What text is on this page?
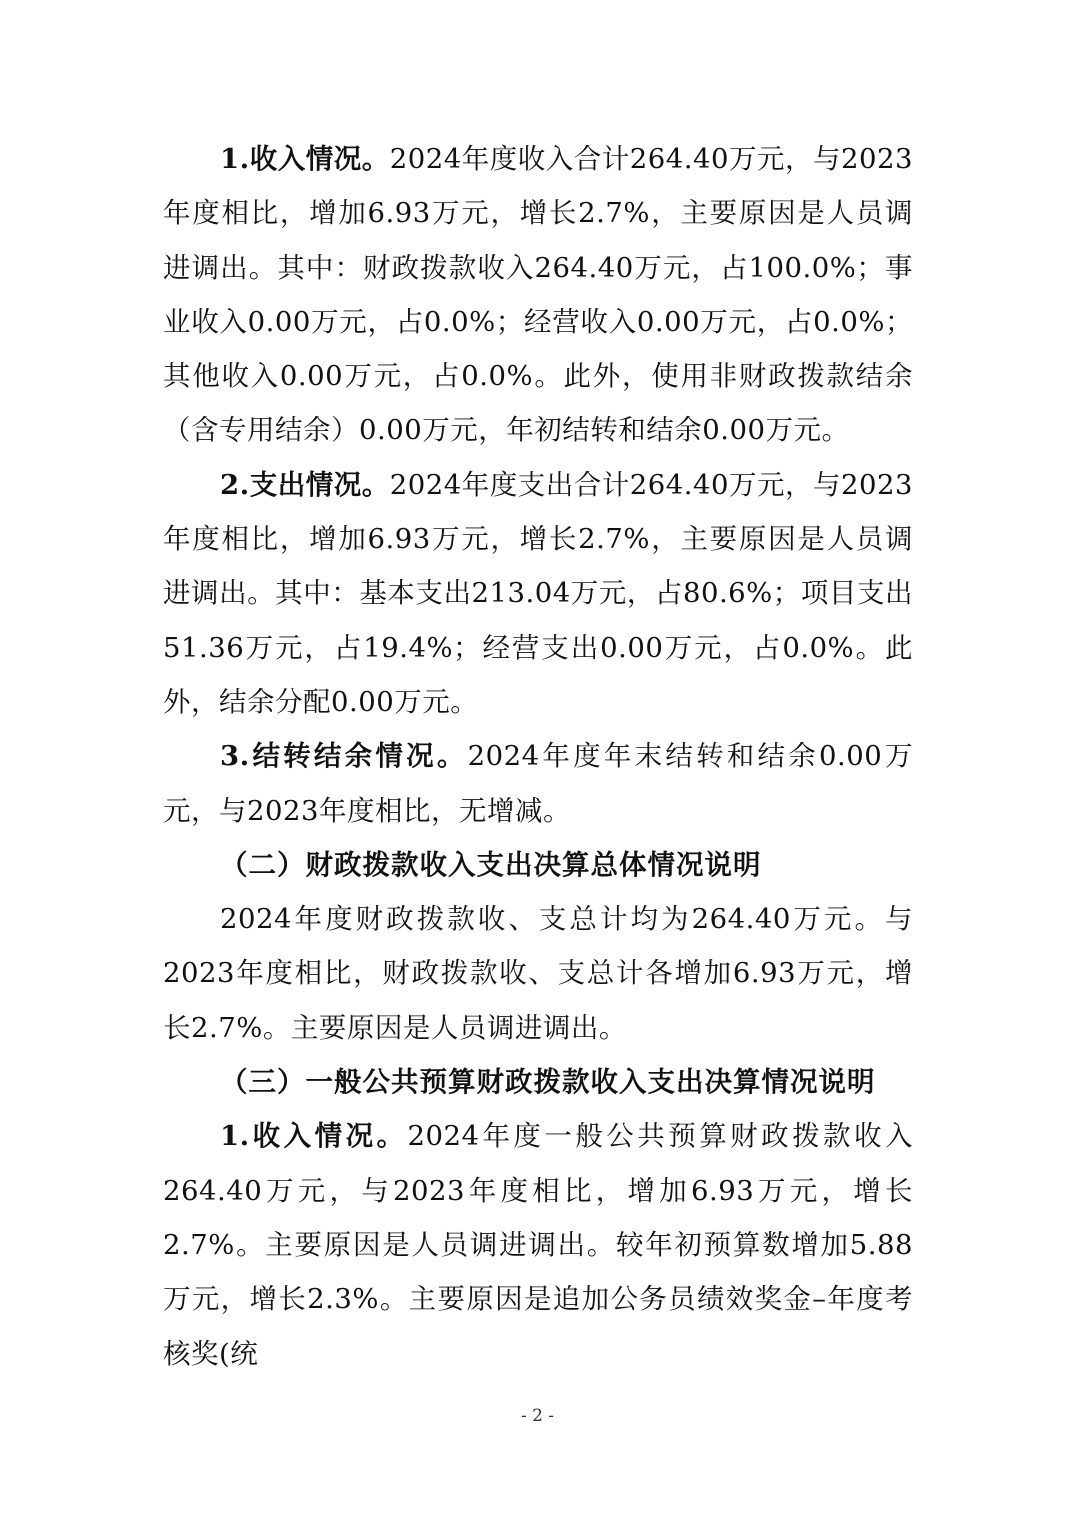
1.收入情况。2024年度收入合计264.40万元，与2023年度相比，增加6.93万元，增长2.7%，主要原因是人员调进调出。其中：财政拨款收入264.40万元，占100.0%；事业收入0.00万元，占0.0%；经营收入0.00万元，占0.0%；其他收入0.00万元，占0.0%。此外，使用非财政拨款结余（含专用结余）0.00万元，年初结转和结余0.00万元。

2.支出情况。2024年度支出合计264.40万元，与2023年度相比，增加6.93万元，增长2.7%，主要原因是人员调进调出。其中：基本支出213.04万元，占80.6%；项目支出51.36万元，占19.4%；经营支出0.00万元，占0.0%。此外，结余分配0.00万元。

3.结转结余情况。2024年度年末结转和结余0.00万元，与2023年度相比，无增减。

（二）财政拨款收入支出决算总体情况说明

2024年度财政拨款收、支总计均为264.40万元。与2023年度相比，财政拨款收、支总计各增加6.93万元，增长2.7%。主要原因是人员调进调出。

（三）一般公共预算财政拨款收入支出决算情况说明

1.收入情况。2024年度一般公共预算财政拨款收入264.40万元，与2023年度相比，增加6.93万元，增长2.7%。主要原因是人员调进调出。较年初预算数增加5.88万元，增长2.3%。主要原因是追加公务员绩效奖金–年度考核奖(统

- 2 -
